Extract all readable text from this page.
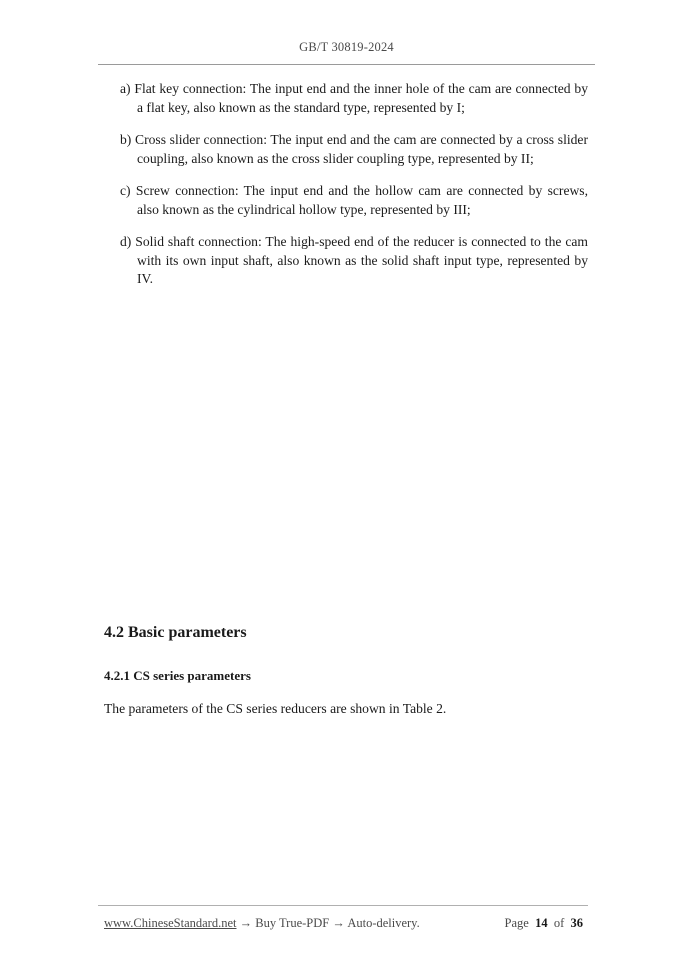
GB/T 30819-2024
a) Flat key connection: The input end and the inner hole of the cam are connected by a flat key, also known as the standard type, represented by I;
b) Cross slider connection: The input end and the cam are connected by a cross slider coupling, also known as the cross slider coupling type, represented by II;
c) Screw connection: The input end and the hollow cam are connected by screws, also known as the cylindrical hollow type, represented by III;
d) Solid shaft connection: The high-speed end of the reducer is connected to the cam with its own input shaft, also known as the solid shaft input type, represented by IV.
4.2 Basic parameters
4.2.1 CS series parameters

The parameters of the CS series reducers are shown in Table 2.

www.ChineseStandard.net → Buy True-PDF → Auto-delivery.	Page 14 of 36
